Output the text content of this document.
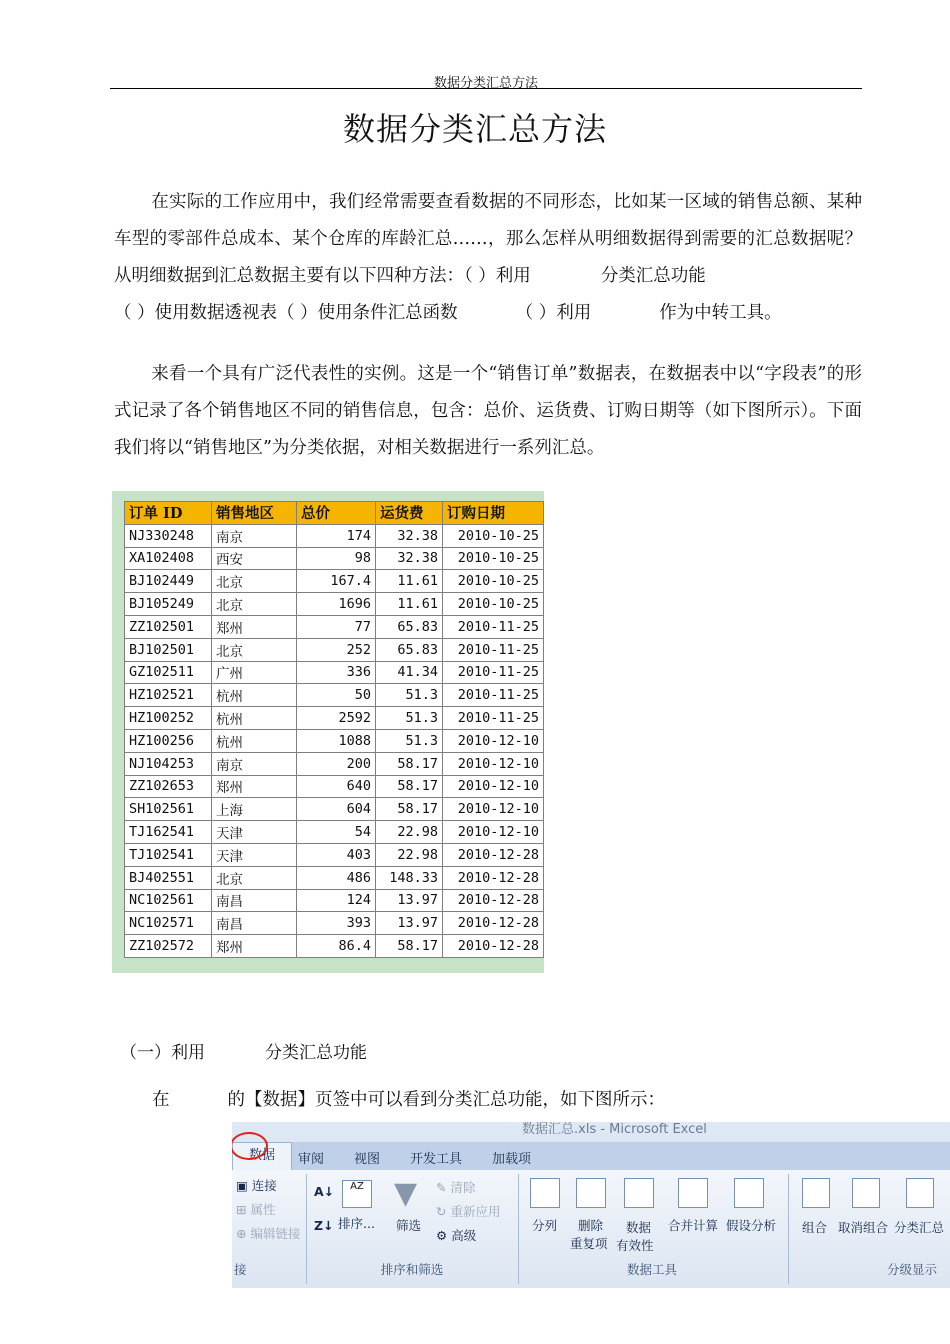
数据分类汇总方法
数据分类汇总方法

在实际的工作应用中，我们经常需要查看数据的不同形态，比如某一区域的销售总额、某种车型的零部件总成本、某个仓库的库龄汇总……，那么怎样从明细数据得到需要的汇总数据呢？从明细数据到汇总数据主要有以下四种方法：（ ）利用	分类汇总功能
（ ）使用数据透视表（ ）使用条件汇总函数	（ ）利用	作为中转工具。

来看一个具有广泛代表性的实例。这是一个“销售订单”数据表，在数据表中以“字段表”的形式记录了各个销售地区不同的销售信息，包含：总价、运货费、订购日期等（如下图所示）。下面我们将以“销售地区”为分类依据，对相关数据进行一系列汇总。

订单 ID	销售地区	总价	运货费	订购日期
NJ330248	南京	174	32.38	2010-10-25
XA102408	西安	98	32.38	2010-10-25
BJ102449	北京	167.4	11.61	2010-10-25
BJ105249	北京	1696	11.61	2010-10-25
ZZ102501	郑州	77	65.83	2010-11-25
BJ102501	北京	252	65.83	2010-11-25
GZ102511	广州	336	41.34	2010-11-25
HZ102521	杭州	50	51.3	2010-11-25
HZ100252	杭州	2592	51.3	2010-11-25
HZ100256	杭州	1088	51.3	2010-12-10
NJ104253	南京	200	58.17	2010-12-10
ZZ102653	郑州	640	58.17	2010-12-10
SH102561	上海	604	58.17	2010-12-10
TJ162541	天津	54	22.98	2010-12-10
TJ102541	天津	403	22.98	2010-12-28
BJ402551	北京	486	148.33	2010-12-28
NC102561	南昌	124	13.97	2010-12-28
NC102571	南昌	393	13.97	2010-12-28
ZZ102572	郑州	86.4	58.17	2010-12-28
（一）利用	分类汇总功能
在	的【数据】页签中可以看到分类汇总功能，如下图所示：
数据汇总.xls - Microsoft Excel
数据	审阅 视图 开发工具 加载项
▣ 连接
⊞ 属性
⊕ 编辑链接
接
A↓
Z↓
AZ
排序...
▼
筛选
✎ 清除
↻ 重新应用
⚙ 高级
排序和筛选
分列 删除
重复项
数据
有效性
合并计算 假设分析
数据工具
组合 取消组合 分类汇总
分级显示
